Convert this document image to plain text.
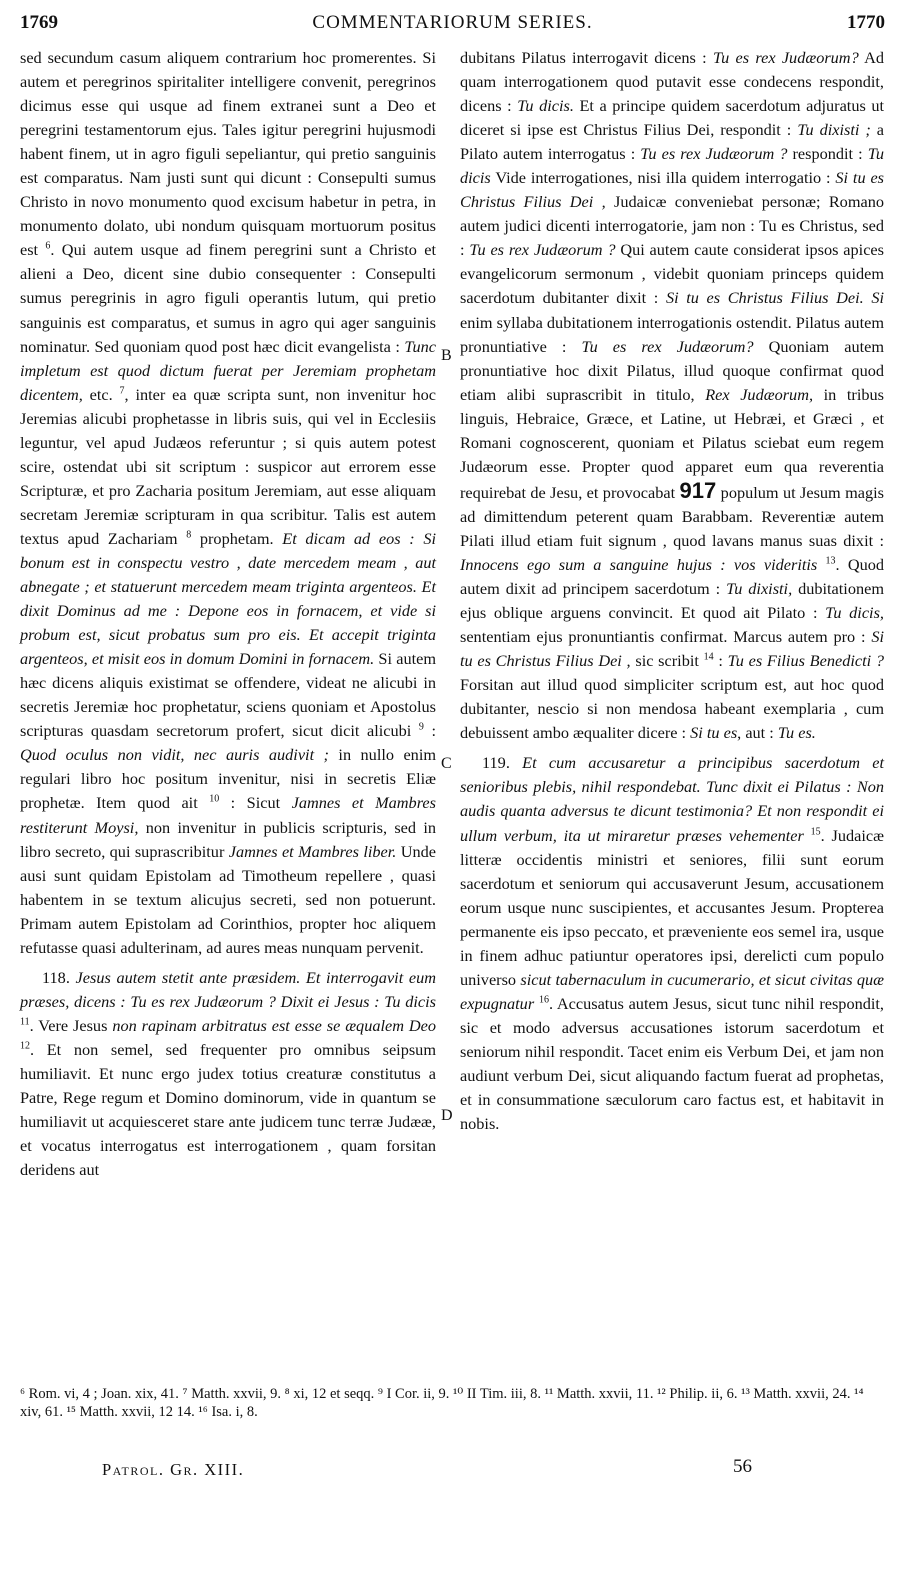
1769	COMMENTARIORUM SERIES.	1770

sed secundum casum aliquem contrarium hoc promerentes. Si autem et peregrinos spiritaliter intelligere convenit, peregrinos dicimus esse qui usque ad finem extranei sunt a Deo et peregrini testamentorum ejus. Tales igitur peregrini hujusmodi habent finem, ut in agro figuli sepeliantur, qui pretio sanguinis est comparatus. Nam justi sunt qui dicunt : Consepulti sumus Christo in novo monumento quod excisum habetur in petra, in monumento dolato, ubi nondum quisquam mortuorum positus est $^6$. Qui autem usque ad finem peregrini sunt a Christo et alieni a Deo, dicent sine dubio consequenter : Consepulti sumus peregrinis in agro figuli operantis lutum, qui pretio sanguinis est comparatus, et sumus in agro qui ager sanguinis nominatur. Sed quoniam quod post hæc dicit evangelista : Tunc impletum est quod dictum fuerat per Jeremiam prophetam dicentem, etc. $^7$, inter ea quæ scripta sunt, non invenitur hoc Jeremias alicubi prophetasse in libris suis, qui vel in Ecclesiis leguntur, vel apud Judæos referuntur ; si quis autem potest scire, ostendat ubi sit scriptum : suspicor aut errorem esse Scripturæ, et pro Zacharia positum Jeremiam, aut esse aliquam secretam Jeremiæ scripturam in qua scribitur. Talis est autem textus apud Zachariam $^8$ prophetam. Et dicam ad eos : Si bonum est in conspectu vestro , date mercedem meam , aut abnegate ; et statuerunt mercedem meam triginta argenteos. Et dixit Dominus ad me : Depone eos in fornacem, et vide si probum est, sicut probatus sum pro eis. Et accepit triginta argenteos, et misit eos in domum Domini in fornacem. Si autem hæc dicens aliquis existimat se offendere, videat ne alicubi in secretis Jeremiæ hoc prophetatur, sciens quoniam et Apostolus scripturas quasdam secretorum profert, sicut dicit alicubi $^9$ : Quod oculus non vidit, nec auris audivit ; in nullo enim regulari libro hoc positum invenitur, nisi in secretis Eliæ prophetæ. Item quod ait $^{10}$ : Sicut Jamnes et Mambres restiterunt Moysi, non invenitur in publicis scripturis, sed in libro secreto, qui suprascribitur Jamnes et Mambres liber. Unde ausi sunt quidam Epistolam ad Timotheum repellere , quasi habentem in se textum alicujus secreti, sed non potuerunt. Primam autem Epistolam ad Corinthios, propter hoc aliquem refutasse quasi adulterinam, ad aures meas nunquam pervenit.

118. Jesus autem stetit ante præsidem. Et interrogavit eum præses, dicens : Tu es rex Judæorum ? Dixit ei Jesus : Tu dicis $^{11}$. Vere Jesus non rapinam arbitratus est esse se æqualem Deo $^{12}$. Et non semel, sed frequenter pro omnibus seipsum humiliavit. Et nunc ergo judex totius creaturæ constitutus a Patre, Rege regum et Domino dominorum, vide in quantum se humiliavit ut acquiesceret stare ante judicem tunc terræ Judææ, et vocatus interrogatus est interrogationem , quam forsitan deridens aut

B
C
D

dubitans Pilatus interrogavit dicens : Tu es rex Judæorum? Ad quam interrogationem quod putavit esse condecens respondit, dicens : Tu dicis. Et a principe quidem sacerdotum adjuratus ut diceret si ipse est Christus Filius Dei, respondit : Tu dixisti ; a Pilato autem interrogatus : Tu es rex Judæorum ? respondit : Tu dicis Vide interrogationes, nisi illa quidem interrogatio : Si tu es Christus Filius Dei , Judaicæ conveniebat personæ; Romano autem judici dicenti interrogatorie, jam non : Tu es Christus, sed : Tu es rex Judæorum ? Qui autem caute considerat ipsos apices evangelicorum sermonum , videbit quoniam princeps quidem sacerdotum dubitanter dixit : Si tu es Christus Filius Dei. Si enim syllaba dubitationem interrogationis ostendit. Pilatus autem pronuntiative : Tu es rex Judæorum? Quoniam autem pronuntiative hoc dixit Pilatus, illud quoque confirmat quod etiam alibi suprascribit in titulo, Rex Judæorum, in tribus linguis, Hebraice, Græce, et Latine, ut Hebræi, et Græci , et Romani cognoscerent, quoniam et Pilatus sciebat eum regem Judæorum esse. Propter quod apparet eum qua reverentia requirebat de Jesu, et provocabat 917 populum ut Jesum magis ad dimittendum peterent quam Barabbam. Reverentiæ autem Pilati illud etiam fuit signum , quod lavans manus suas dixit : Innocens ego sum a sanguine hujus : vos videritis $^{13}$. Quod autem dixit ad principem sacerdotum : Tu dixisti, dubitationem ejus oblique arguens convincit. Et quod ait Pilato : Tu dicis, sententiam ejus pronuntiantis confirmat. Marcus autem pro : Si tu es Christus Filius Dei , sic scribit $^{14}$ : Tu es Filius Benedicti ? Forsitan aut illud quod simpliciter scriptum est, aut hoc quod dubitanter, nescio si non mendosa habeant exemplaria , cum debuissent ambo æqualiter dicere : Si tu es, aut : Tu es.

119. Et cum accusaretur a principibus sacerdotum et senioribus plebis, nihil respondebat. Tunc dixit ei Pilatus : Non audis quanta adversus te dicunt testimonia? Et non respondit ei ullum verbum, ita ut miraretur præses vehementer $^{15}$. Judaicæ litteræ occidentis ministri et seniores, filii sunt eorum sacerdotum et seniorum qui accusaverunt Jesum, accusationem eorum usque nunc suscipientes, et accusantes Jesum. Propterea permanente eis ipso peccato, et præveniente eos semel ira, usque in finem adhuc patiuntur operatores ipsi, derelicti cum populo universo sicut tabernaculum in cucumerario, et sicut civitas quæ expugnatur $^{16}$. Accusatus autem Jesus, sicut tunc nihil respondit, sic et modo adversus accusationes istorum sacerdotum et seniorum nihil respondit. Tacet enim eis Verbum Dei, et jam non audiunt verbum Dei, sicut aliquando factum fuerat ad prophetas, et in consummatione sæculorum caro factus est, et habitavit in nobis.

⁶ Rom. vi, 4 ; Joan. xix, 41. ⁷ Matth. xxvii, 9. ⁸ xi, 12 et seqq. ⁹ I Cor. ii, 9. ¹⁰ II Tim. iii, 8. ¹¹ Matth. xxvii, 11. ¹² Philip. ii, 6. ¹³ Matth. xxvii, 24. ¹⁴ xiv, 61. ¹⁵ Matth. xxvii, 12 14. ¹⁶ Isa. i, 8.

Patrol. Gr. XIII.	56
